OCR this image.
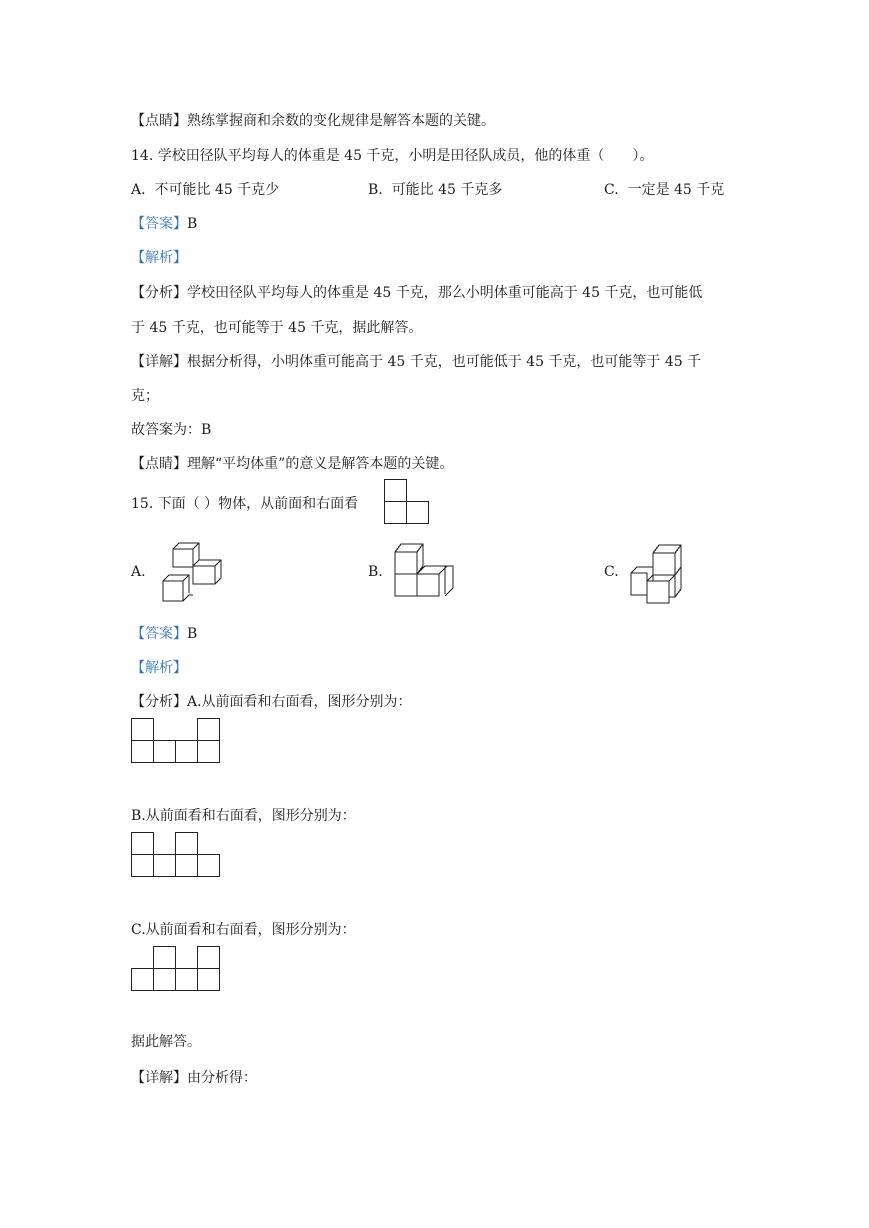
【点睛】熟练掌握商和余数的变化规律是解答本题的关键。
14. 学校田径队平均每人的体重是 45 千克，小明是田径队成员，他的体重（　　）。
A. 不可能比 45 千克少	B. 可能比 45 千克多	C. 一定是 45 千克
【答案】B
【解析】
【分析】学校田径队平均每人的体重是 45 千克，那么小明体重可能高于 45 千克，也可能低
于 45 千克，也可能等于 45 千克，据此解答。
【详解】根据分析得，小明体重可能高于 45 千克，也可能低于 45 千克，也可能等于 45 千
克；
故答案为：B
【点睛】理解“平均体重”的意义是解答本题的关键。
15. 下面（ ）物体，从前面和右面看
A.	B.	C.
【答案】B
【解析】
【分析】A.从前面看和右面看，图形分别为：
B.从前面看和右面看，图形分别为：
C.从前面看和右面看，图形分别为：
据此解答。
【详解】由分析得：
